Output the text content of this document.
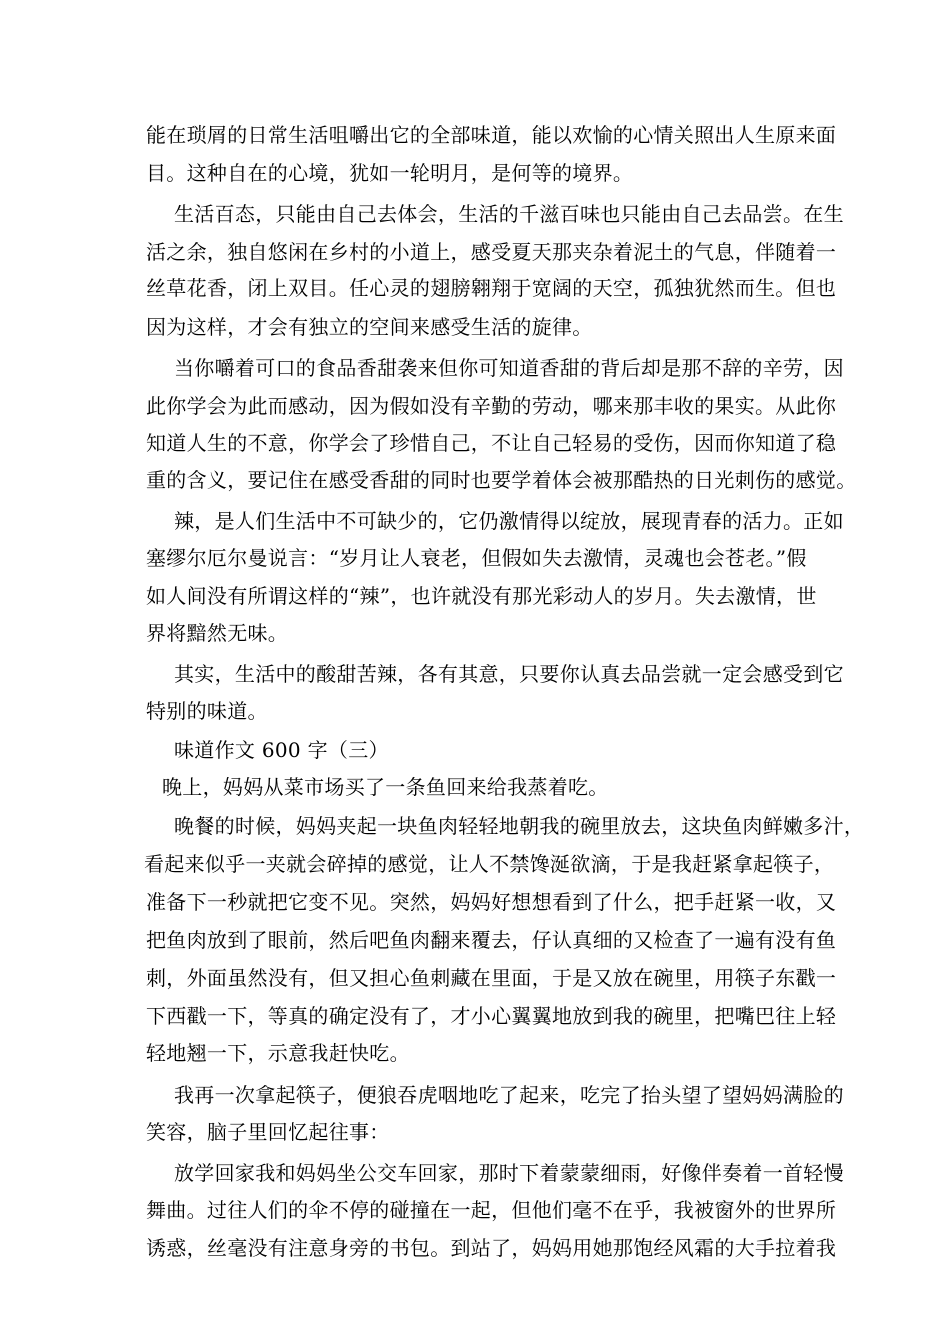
能在琐屑的日常生活咀嚼出它的全部味道，能以欢愉的心情关照出人生原来面
目。这种自在的心境，犹如一轮明月，是何等的境界。
生活百态，只能由自己去体会，生活的千滋百味也只能由自己去品尝。在生
活之余，独自悠闲在乡村的小道上，感受夏天那夹杂着泥土的气息，伴随着一
丝草花香，闭上双目。任心灵的翅膀翱翔于宽阔的天空，孤独犹然而生。但也
因为这样，才会有独立的空间来感受生活的旋律。
当你嚼着可口的食品香甜袭来但你可知道香甜的背后却是那不辞的辛劳，因
此你学会为此而感动，因为假如没有辛勤的劳动，哪来那丰收的果实。从此你
知道人生的不意，你学会了珍惜自己，不让自己轻易的受伤，因而你知道了稳
重的含义，要记住在感受香甜的同时也要学着体会被那酷热的日光刺伤的感觉。
辣，是人们生活中不可缺少的，它仍激情得以绽放，展现青春的活力。正如
塞缪尔厄尔曼说言：“岁月让人衰老，但假如失去激情，灵魂也会苍老。”假
如人间没有所谓这样的“辣”，也许就没有那光彩动人的岁月。失去激情，世
界将黯然无味。
其实，生活中的酸甜苦辣，各有其意，只要你认真去品尝就一定会感受到它
特别的味道。
味道作文 600 字（三）
晚上，妈妈从菜市场买了一条鱼回来给我蒸着吃。
晚餐的时候，妈妈夹起一块鱼肉轻轻地朝我的碗里放去，这块鱼肉鲜嫩多汁，
看起来似乎一夹就会碎掉的感觉，让人不禁馋涎欲滴，于是我赶紧拿起筷子，
准备下一秒就把它变不见。突然，妈妈好想想看到了什么，把手赶紧一收，又
把鱼肉放到了眼前，然后吧鱼肉翻来覆去，仔认真细的又检查了一遍有没有鱼
刺，外面虽然没有，但又担心鱼刺藏在里面，于是又放在碗里，用筷子东戳一
下西戳一下，等真的确定没有了，才小心翼翼地放到我的碗里，把嘴巴往上轻
轻地翘一下，示意我赶快吃。
我再一次拿起筷子，便狼吞虎咽地吃了起来，吃完了抬头望了望妈妈满脸的
笑容，脑子里回忆起往事：
放学回家我和妈妈坐公交车回家，那时下着蒙蒙细雨，好像伴奏着一首轻慢
舞曲。过往人们的伞不停的碰撞在一起，但他们毫不在乎，我被窗外的世界所
诱惑，丝毫没有注意身旁的书包。到站了，妈妈用她那饱经风霜的大手拉着我
